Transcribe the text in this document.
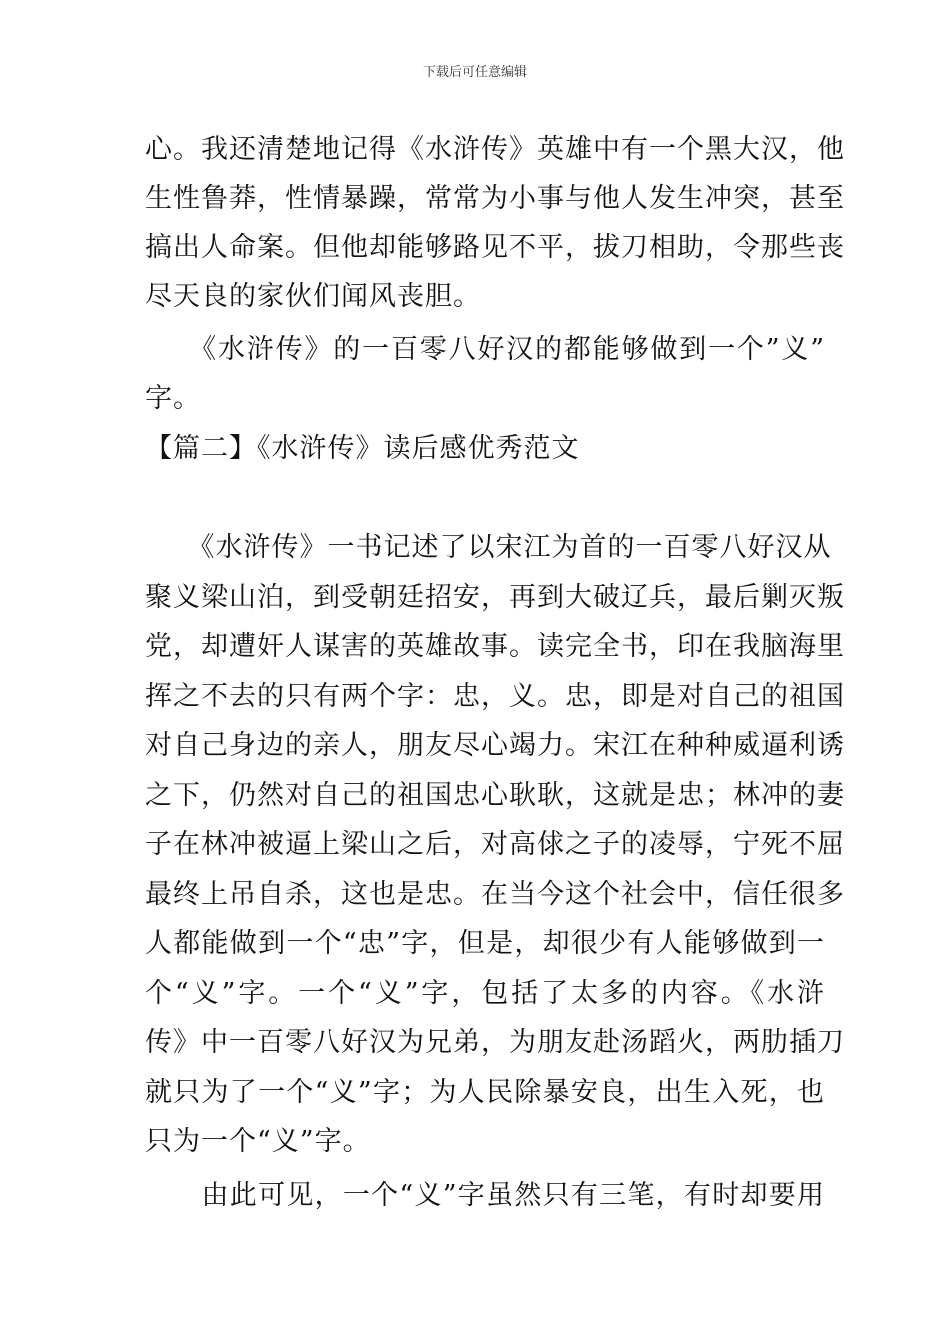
下载后可任意编辑
心。我还清楚地记得《水浒传》英雄中有一个黑大汉，他
生性鲁莽，性情暴躁，常常为小事与他人发生冲突，甚至
搞出人命案。但他却能够路见不平，拔刀相助，令那些丧
尽天良的家伙们闻风丧胆。
　　《水浒传》的一百零八好汉的都能够做到一个”义”
字。
【篇二】《水浒传》读后感优秀范文
　　《水浒传》一书记述了以宋江为首的一百零八好汉从
聚义梁山泊，到受朝廷招安，再到大破辽兵，最后剿灭叛
党，却遭奸人谋害的英雄故事。读完全书，印在我脑海里
挥之不去的只有两个字：忠，义。忠，即是对自己的祖国
对自己身边的亲人，朋友尽心竭力。宋江在种种威逼利诱
之下，仍然对自己的祖国忠心耿耿，这就是忠；林冲的妻
子在林冲被逼上梁山之后，对高俅之子的凌辱，宁死不屈
最终上吊自杀，这也是忠。在当今这个社会中，信任很多
人都能做到一个“忠”字，但是，却很少有人能够做到一
个“义”字。一个“义”字，包括了太多的内容。《水浒
传》中一百零八好汉为兄弟，为朋友赴汤蹈火，两肋插刀
就只为了一个“义”字；为人民除暴安良，出生入死，也
只为一个“义”字。
　　由此可见，一个“义”字虽然只有三笔，有时却要用
